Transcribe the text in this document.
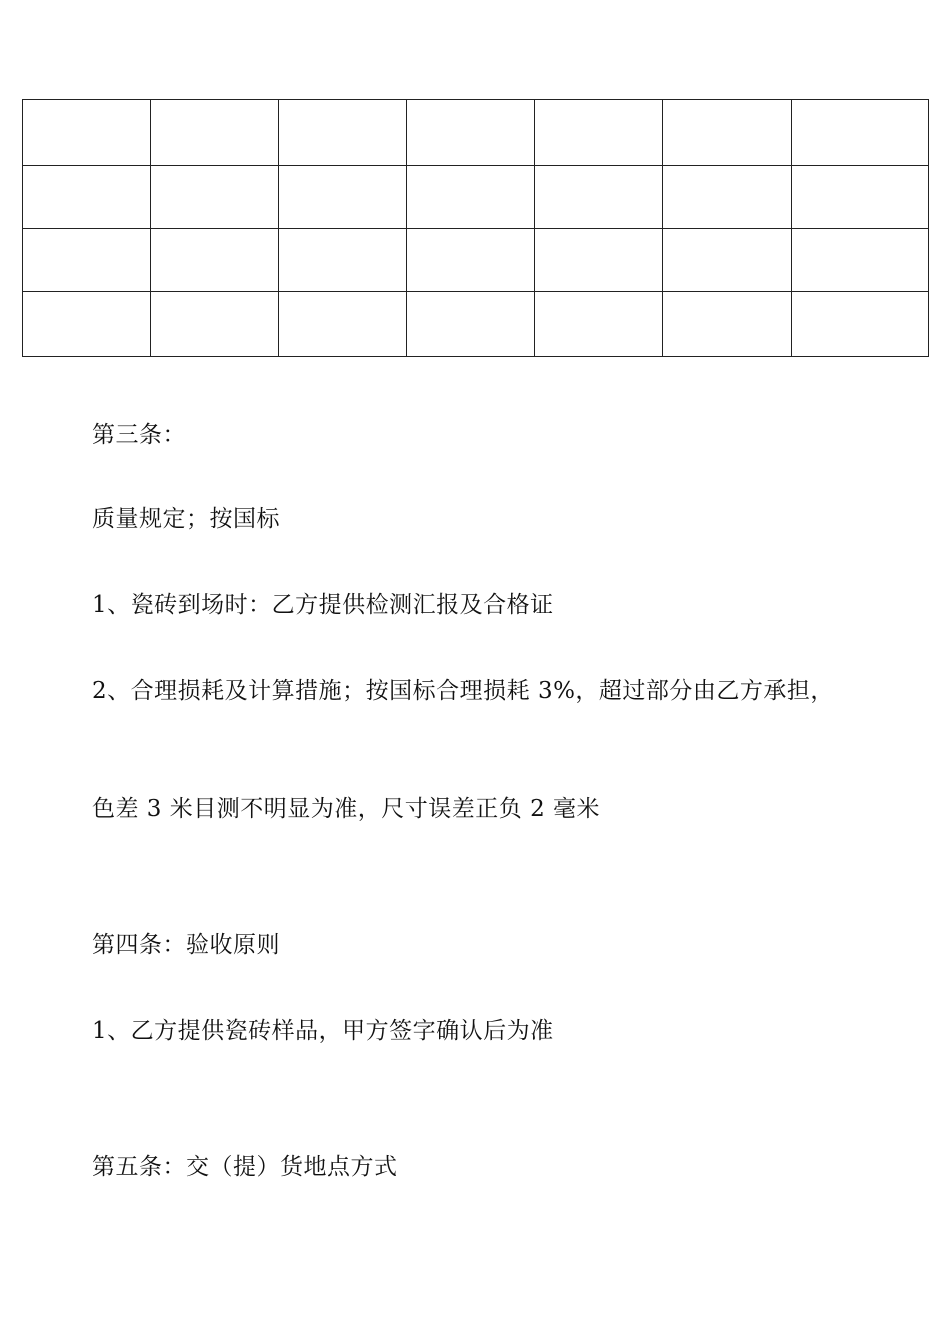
第三条：
质量规定；按国标
1、瓷砖到场时：乙方提供检测汇报及合格证
2、合理损耗及计算措施；按国标合理损耗 3%，超过部分由乙方承担，
色差 3 米目测不明显为准，尺寸误差正负 2 毫米
第四条：验收原则
1、乙方提供瓷砖样品，甲方签字确认后为准
第五条：交（提）货地点方式
